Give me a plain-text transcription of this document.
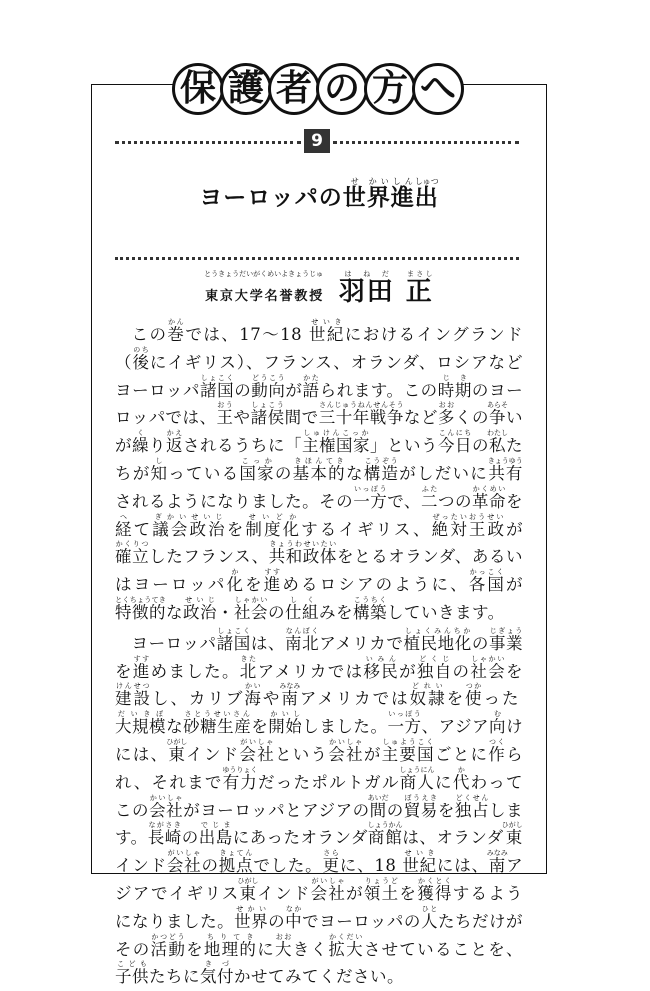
保 護 者 の 方 へ
9
ヨーロッパの世せ界かい進しん出しゅつ
東京大学名誉教授とうきょうだいがくめいよきょうじゅ 羽田はねだ 正まさし

この巻かんでは、17～18 世紀せいきにおけるイングランド（後のちにイギリス）、フランス、オランダ、ロシアなどヨーロッパ諸国しょこくの動向どうこうが語かたられます。この時期じきのヨーロッパでは、王おうや諸侯しょこう間で三十年戦争さんじゅうねんせんそうなど多おおくの争あらそいが繰くり返かえされるうちに「主権国家しゅけんこっか」という今日こんにちの私わたしたちが知しっている国家こっかの基本的きほんてきな構造こうぞうがしだいに共有きょうゆうされるようになりました。その一方いっぽうで、二ふたつの革命かくめいを経へて議会政治ぎかいせいじを制度化せいどかするイギリス、絶対王政ぜったいおうせいが確立かくりつしたフランス、共和政体きょうわせいたいをとるオランダ、あるいはヨーロッパ化かを進すすめるロシアのように、各国かっこくが特徴的とくちょうてきな政治せいじ・社会しゃかいの仕組しくみを構築こうちくしていきます。

ヨーロッパ諸国しょこくは、南北なんぼくアメリカで植民地化しょくみんちかの事業じぎょうを進すすめました。北きたアメリカでは移民いみんが独自どくじの社会しゃかいを建設けんせつし、カリブ海かいや南みなみアメリカでは奴隷どれいを使つかった大規模だいきぼな砂糖生産さとうせいさんを開始かいししました。一方いっぽう、アジア向むけには、東ひがしインド会社がいしゃという会社かいしゃが主要国しゅようこくごとに作つくられ、それまで有力ゆうりょくだったポルトガル商人しょうにんに代かわってこの会社かいしゃがヨーロッパとアジアの間あいだの貿易ぼうえきを独占どくせんします。長崎ながさきの出島でじまにあったオランダ商館しょうかんは、オランダ東ひがしインド会社がいしゃの拠点きょてんでした。更さらに、18 世紀せいきには、南みなみアジアでイギリス東ひがしインド会社がいしゃが領土りょうどを獲得かくとくするようになりました。世界せかいの中なかでヨーロッパの人ひとたちだけがその活動かつどうを地理的ちりてきに大おおきく拡大かくだいさせていることを、子供こどもたちに気付きづかせてみてください。
